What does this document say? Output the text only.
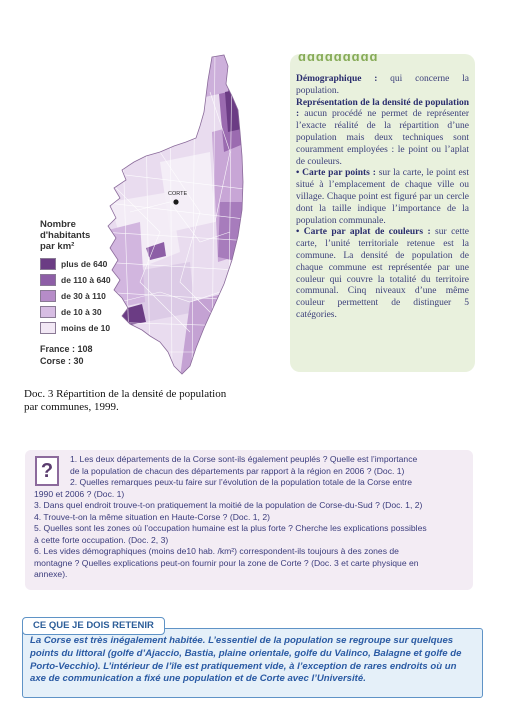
CORTE
Nombre
d'habitants
par km²
plus de 640
de 110 à 640
de 30 à 110
de 10 à 30
moins de 10
France : 108
Corse : 30
Doc. 3 Répartition de la densité de population
par communes, 1999.
ɑɑɑɑɑɑɑɑɑ

Démographique : qui concerne la population.

Représentation de la densité de population : aucun procédé ne permet de représenter l’exacte réalité de la répartition d’une population mais deux techniques sont couramment employées : le point ou l’aplat de couleurs.

• Carte par points : sur la carte, le point est situé à l’emplacement de chaque ville ou village. Chaque point est figuré par un cercle dont la taille indique l’importance de la population communale.

• Carte par aplat de couleurs : sur cette carte, l’unité territoriale retenue est la commune. La densité de population de chaque commune est représentée par une couleur qui couvre la totalité du territoire communal. Cinq niveaux d’une même couleur permettent de distinguer 5 catégories.

?

1. Les deux départements de la Corse sont-ils également peuplés ? Quelle est l’importance

de la population de chacun des départements par rapport à la région en 2006 ? (Doc. 1)

2. Quelles remarques peux-tu faire sur l’évolution de la population totale de la Corse entre

1990 et 2006 ? (Doc. 1)

3. Dans quel endroit trouve-t-on pratiquement la moitié de la population de Corse-du-Sud ? (Doc. 1, 2)

4. Trouve-t-on la même situation en Haute-Corse ? (Doc. 1, 2)

5. Quelles sont les zones où l’occupation humaine est la plus forte ? Cherche les explications possibles

à cette forte occupation. (Doc. 2, 3)

6. Les vides démographiques (moins de10 hab. /km²) correspondent-ils toujours à des zones de

montagne ? Quelles explications peut-on fournir pour la zone de Corte ? (Doc. 3 et carte physique en

annexe).

CE QUE JE DOIS RETENIR
La Corse est très inégalement habitée. L’essentiel de la population se regroupe sur quelques points du littoral (golfe d’Ajaccio, Bastia, plaine orientale, golfe du Valinco, Balagne et golfe de Porto-Vecchio). L’intérieur de l’île est pratiquement vide, à l’exception de rares endroits où un axe de communication a fixé une population et de Corte avec l’Université.
